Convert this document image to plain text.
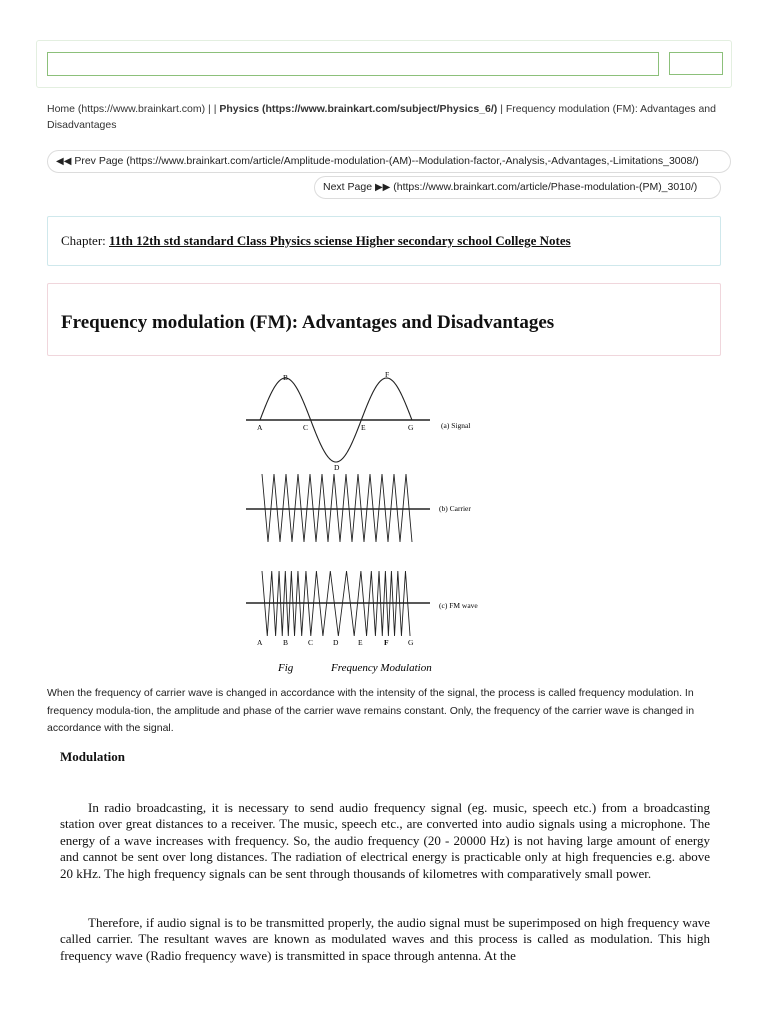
Home (https://www.brainkart.com) | | Physics (https://www.brainkart.com/subject/Physics_6/) | Frequency modulation (FM): Advantages and Disadvantages
◀◀ Prev Page (https://www.brainkart.com/article/Amplitude-modulation-(AM)--Modulation-factor,-Analysis,-Advantages,-Limitations_3008/)
Next Page ▶▶ (https://www.brainkart.com/article/Phase-modulation-(PM)_3010/)
Chapter: 11th 12th std standard Class Physics sciense Higher secondary school College Notes
Frequency modulation (FM): Advantages and Disadvantages
A
B
C
D
E
F
G	(a) Signal
(b) Carrier
(c) FM wave
A	B	C	D	E	F	G
Fig	Frequency Modulation

When the frequency of carrier wave is changed in accordance with the intensity of the signal, the process is called frequency modulation. In frequency modula-tion, the amplitude and phase of the carrier wave remains constant. Only, the frequency of the carrier wave is changed in accordance with the signal.

Modulation

In radio broadcasting, it is necessary to send audio frequency signal (eg. music, speech etc.) from a broadcasting station over great distances to a receiver. The music, speech etc., are converted into audio signals using a microphone. The energy of a wave increases with frequency. So, the audio frequency (20 - 20000 Hz) is not having large amount of energy and cannot be sent over long distances. The radiation of electrical energy is practicable only at high frequencies e.g. above 20 kHz. The high frequency signals can be sent through thousands of kilometres with comparatively small power.

Therefore, if audio signal is to be transmitted properly, the audio signal must be superimposed on high frequency wave called carrier. The resultant waves are known as modulated waves and this process is called as modulation. This high frequency wave (Radio frequency wave) is transmitted in space through antenna. At the
